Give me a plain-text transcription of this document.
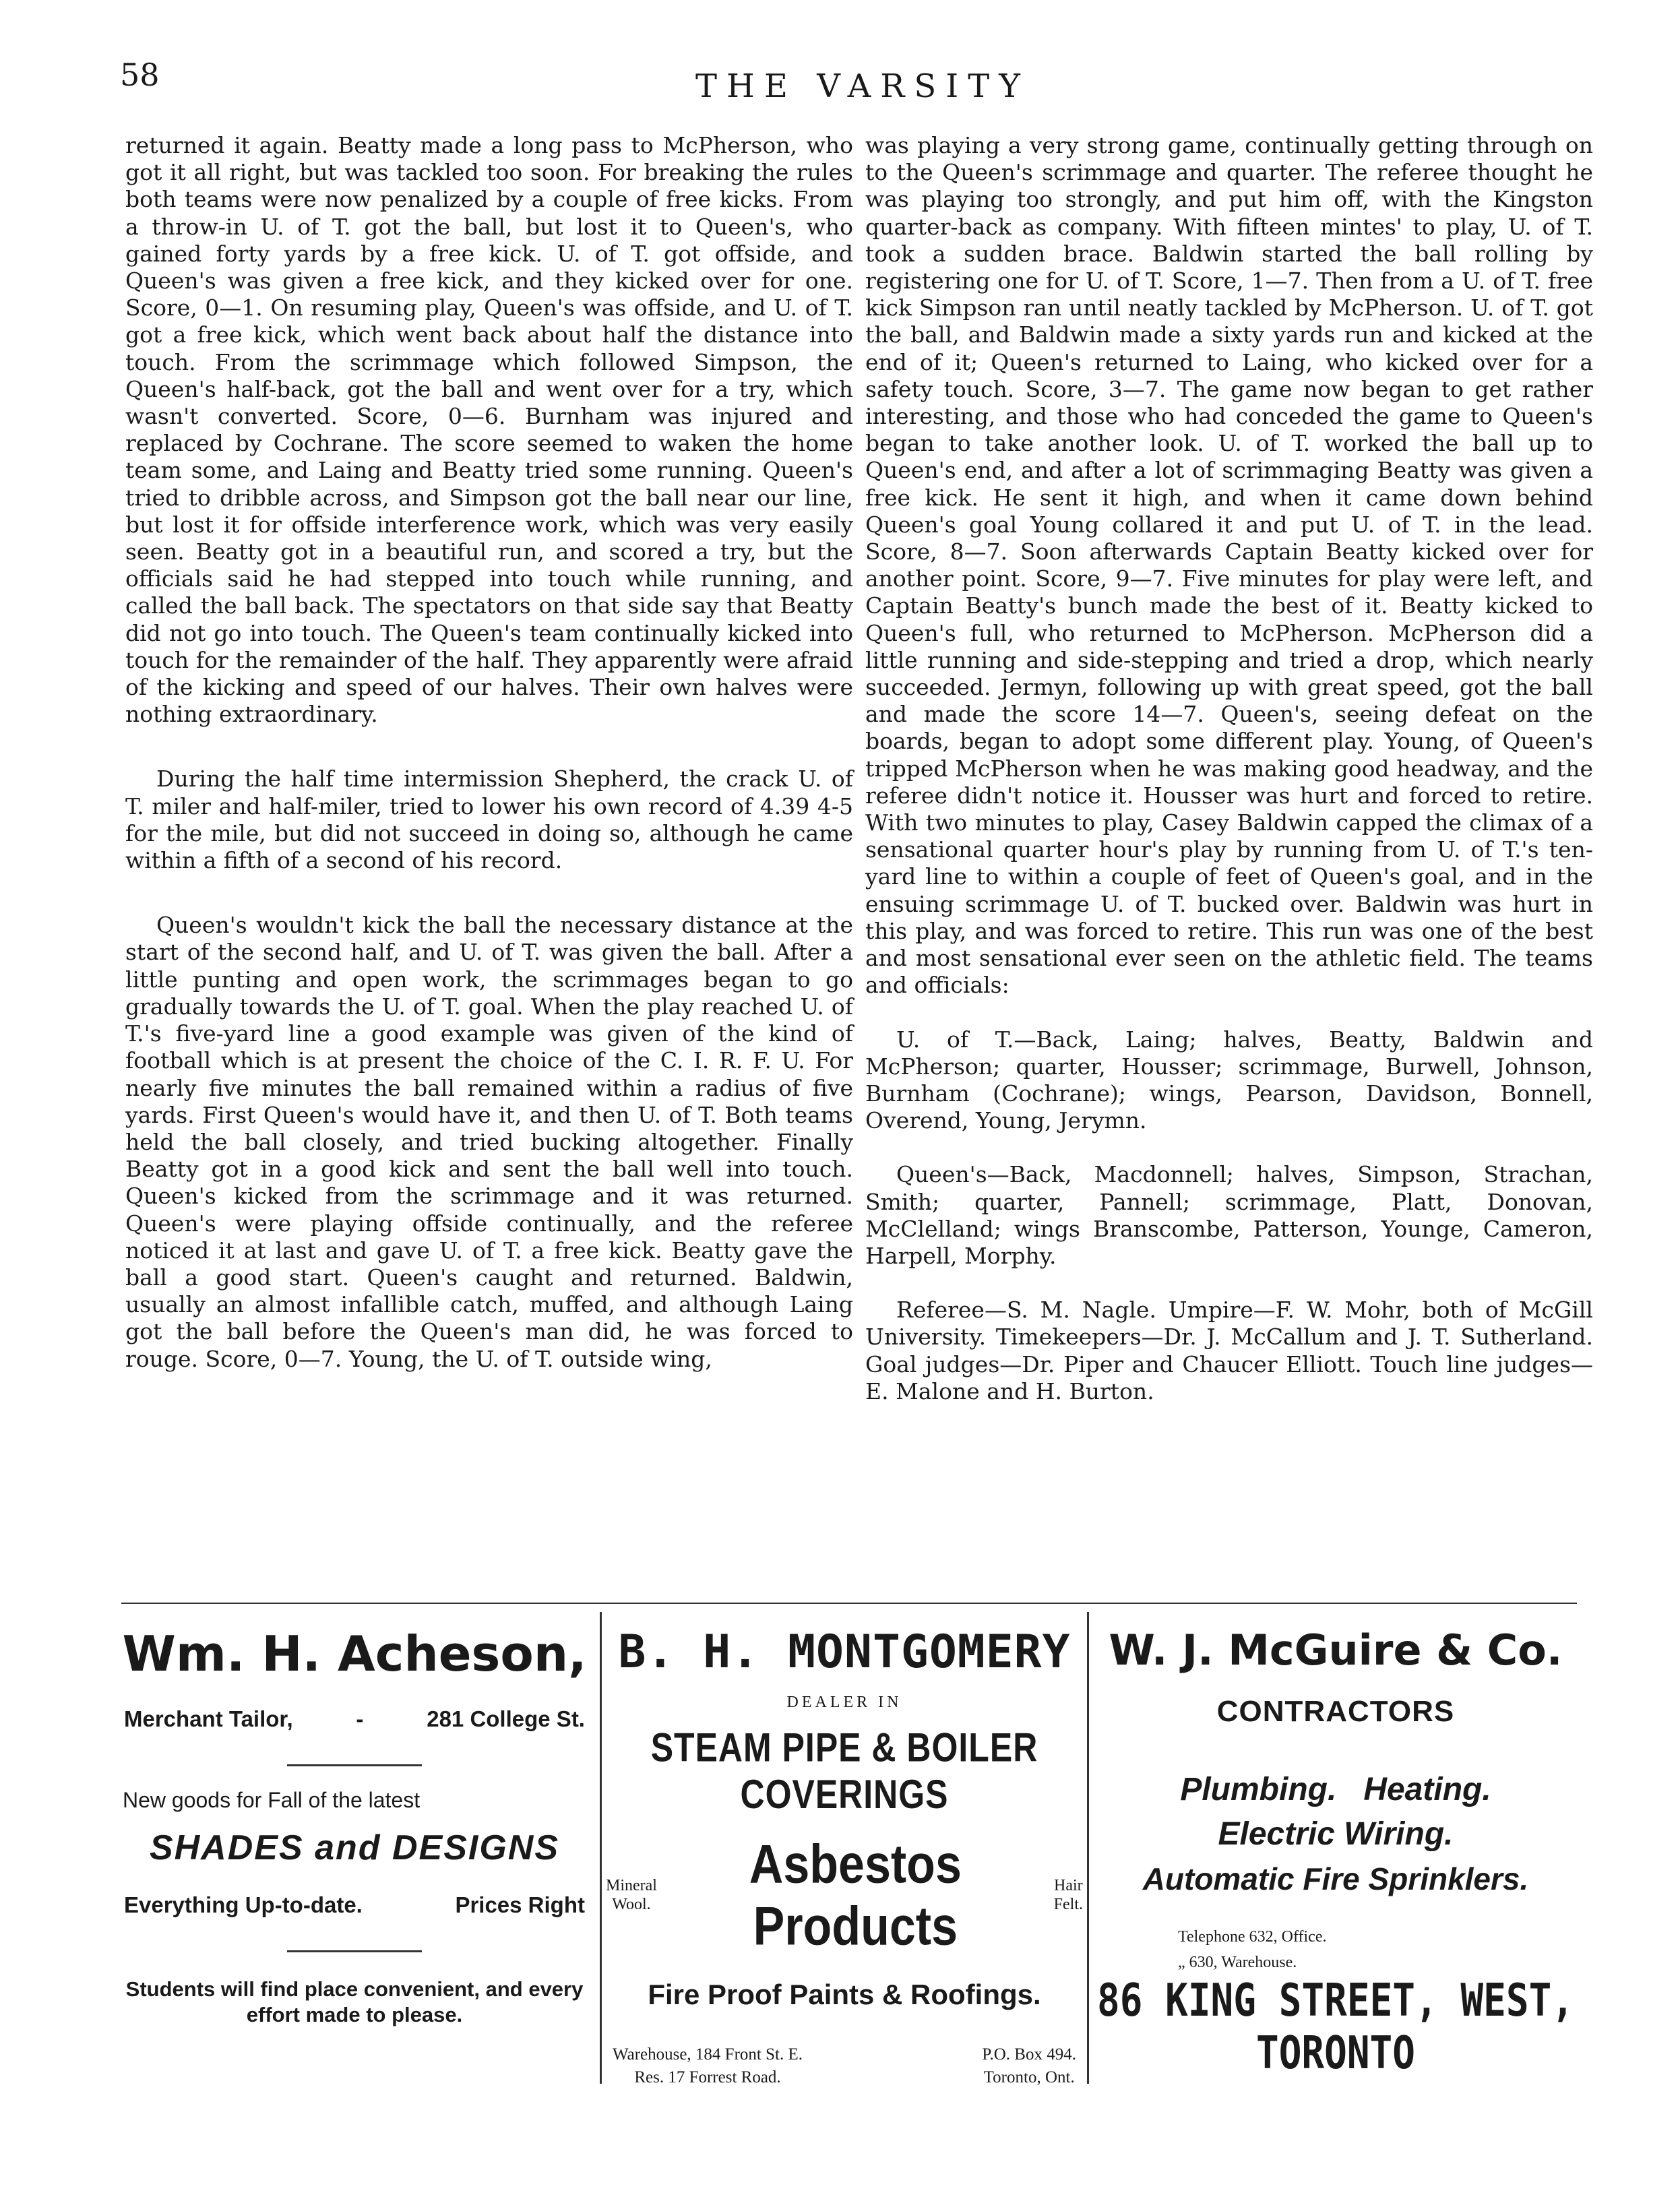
58	THE VARSITY

returned it again. Beatty made a long pass to McPherson, who got it all right, but was tackled too soon. For breaking the rules both teams were now penalized by a couple of free kicks. From a throw-in U. of T. got the ball, but lost it to Queen's, who gained forty yards by a free kick. U. of T. got offside, and Queen's was given a free kick, and they kicked over for one. Score, 0—1. On resuming play, Queen's was offside, and U. of T. got a free kick, which went back about half the distance into touch. From the scrimmage which followed Simpson, the Queen's half-back, got the ball and went over for a try, which wasn't converted. Score, 0—6. Burnham was injured and replaced by Cochrane. The score seemed to waken the home team some, and Laing and Beatty tried some running. Queen's tried to dribble across, and Simpson got the ball near our line, but lost it for offside interference work, which was very easily seen. Beatty got in a beautiful run, and scored a try, but the officials said he had stepped into touch while running, and called the ball back. The spectators on that side say that Beatty did not go into touch. The Queen's team continually kicked into touch for the remainder of the half. They apparently were afraid of the kicking and speed of our halves. Their own halves were nothing extraordinary.

During the half time intermission Shepherd, the crack U. of T. miler and half-miler, tried to lower his own record of 4.39 4-5 for the mile, but did not succeed in doing so, although he came within a fifth of a second of his record.

Queen's wouldn't kick the ball the necessary distance at the start of the second half, and U. of T. was given the ball. After a little punting and open work, the scrimmages began to go gradually towards the U. of T. goal. When the play reached U. of T.'s five-yard line a good example was given of the kind of football which is at present the choice of the C. I. R. F. U. For nearly five minutes the ball remained within a radius of five yards. First Queen's would have it, and then U. of T. Both teams held the ball closely, and tried bucking altogether. Finally Beatty got in a good kick and sent the ball well into touch. Queen's kicked from the scrimmage and it was returned. Queen's were playing offside continually, and the referee noticed it at last and gave U. of T. a free kick. Beatty gave the ball a good start. Queen's caught and returned. Baldwin, usually an almost infallible catch, muffed, and although Laing got the ball before the Queen's man did, he was forced to rouge. Score, 0—7. Young, the U. of T. outside wing,

was playing a very strong game, continually getting through on to the Queen's scrimmage and quarter. The referee thought he was playing too strongly, and put him off, with the Kingston quarter-back as company. With fifteen mintes' to play, U. of T. took a sudden brace. Baldwin started the ball rolling by registering one for U. of T. Score, 1—7. Then from a U. of T. free kick Simpson ran until neatly tackled by McPherson. U. of T. got the ball, and Baldwin made a sixty yards run and kicked at the end of it; Queen's returned to Laing, who kicked over for a safety touch. Score, 3—7. The game now began to get rather interesting, and those who had conceded the game to Queen's began to take another look. U. of T. worked the ball up to Queen's end, and after a lot of scrimmaging Beatty was given a free kick. He sent it high, and when it came down behind Queen's goal Young collared it and put U. of T. in the lead. Score, 8—7. Soon afterwards Captain Beatty kicked over for another point. Score, 9—7. Five minutes for play were left, and Captain Beatty's bunch made the best of it. Beatty kicked to Queen's full, who returned to McPherson. McPherson did a little running and side-stepping and tried a drop, which nearly succeeded. Jermyn, following up with great speed, got the ball and made the score 14—7. Queen's, seeing defeat on the boards, began to adopt some different play. Young, of Queen's tripped McPherson when he was making good headway, and the referee didn't notice it. Housser was hurt and forced to retire. With two minutes to play, Casey Baldwin capped the climax of a sensational quarter hour's play by running from U. of T.'s ten-yard line to within a couple of feet of Queen's goal, and in the ensuing scrimmage U. of T. bucked over. Baldwin was hurt in this play, and was forced to retire. This run was one of the best and most sensational ever seen on the athletic field. The teams and officials:

U. of T.—Back, Laing; halves, Beatty, Baldwin and McPherson; quarter, Housser; scrimmage, Burwell, Johnson, Burnham (Cochrane); wings, Pearson, Davidson, Bonnell, Overend, Young, Jerymn.

Queen's—Back, Macdonnell; halves, Simpson, Strachan, Smith; quarter, Pannell; scrimmage, Platt, Donovan, McClelland; wings Branscombe, Patterson, Younge, Cameron, Harpell, Morphy.

Referee—S. M. Nagle. Umpire—F. W. Mohr, both of McGill University. Timekeepers—Dr. J. McCallum and J. T. Sutherland. Goal judges—Dr. Piper and Chaucer Elliott. Touch line judges—E. Malone and H. Burton.

Wm. H. Acheson,
Merchant Tailor,	-	281 College St.
New goods for Fall of the latest
SHADES and DESIGNS
Everything Up-to-date.	Prices Right
Students will find place convenient, and every effort made to please.
B. H. MONTGOMERY
DEALER IN
STEAM PIPE & BOILER COVERINGS
Mineral
Wool.
Asbestos Products
Hair
Felt.
Fire Proof Paints & Roofings.
Warehouse, 184 Front St. E.
Res. 17 Forrest Road.
P.O. Box 494.
Toronto, Ont.
W. J. McGuire & Co.
CONTRACTORS
Plumbing. Heating.
Electric Wiring.
Automatic Fire Sprinklers.
Telephone 632, Office.
„ 630, Warehouse.
86 KING STREET, WEST, TORONTO
